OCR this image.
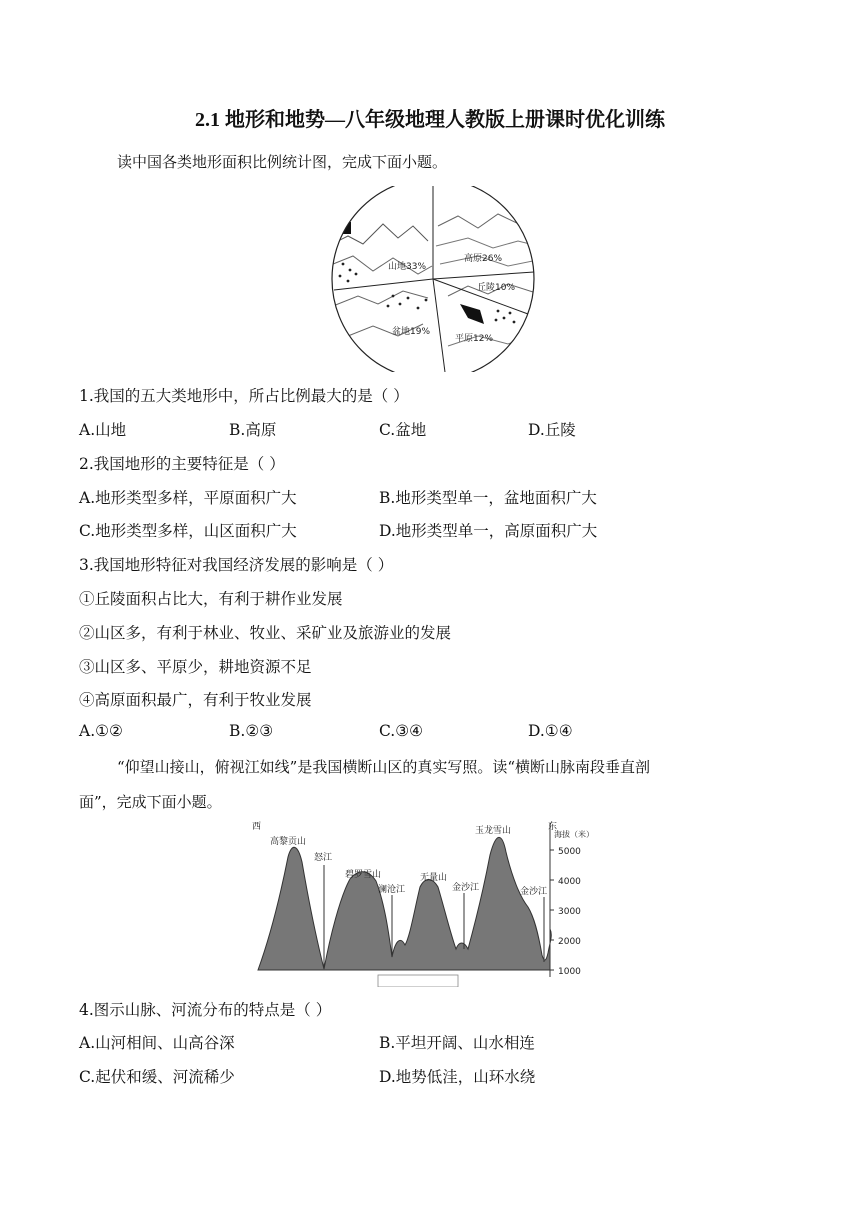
2.1 地形和地势—八年级地理人教版上册课时优化训练
读中国各类地形面积比例统计图，完成下面小题。
山地33%
高原26%
丘陵10%
平原12%
盆地19%
1.我国的五大类地形中，所占比例最大的是（ ）
A.山地	B.高原	C.盆地	D.丘陵
2.我国地形的主要特征是（ ）
A.地形类型多样，平原面积广大	B.地形类型单一，盆地面积广大
C.地形类型多样，山区面积广大	D.地形类型单一，高原面积广大
3.我国地形特征对我国经济发展的影响是（ ）
①丘陵面积占比大，有利于耕作业发展
②山区多，有利于林业、牧业、采矿业及旅游业的发展
③山区多、平原少，耕地资源不足
④高原面积最广，有利于牧业发展
A.①②	B.②③	C.③④	D.①④
“仰望山接山，俯视江如线”是我国横断山区的真实写照。读“横断山脉南段垂直剖
面”，完成下面小题。
5000
4000
3000
2000
1000
海拔（米）
西	东
高黎贡山
碧罗雪山	无量山
玉龙雪山
怒江
澜沧江	金沙江	金沙江
4.图示山脉、河流分布的特点是（ ）
A.山河相间、山高谷深	B.平坦开阔、山水相连
C.起伏和缓、河流稀少	D.地势低洼，山环水绕
